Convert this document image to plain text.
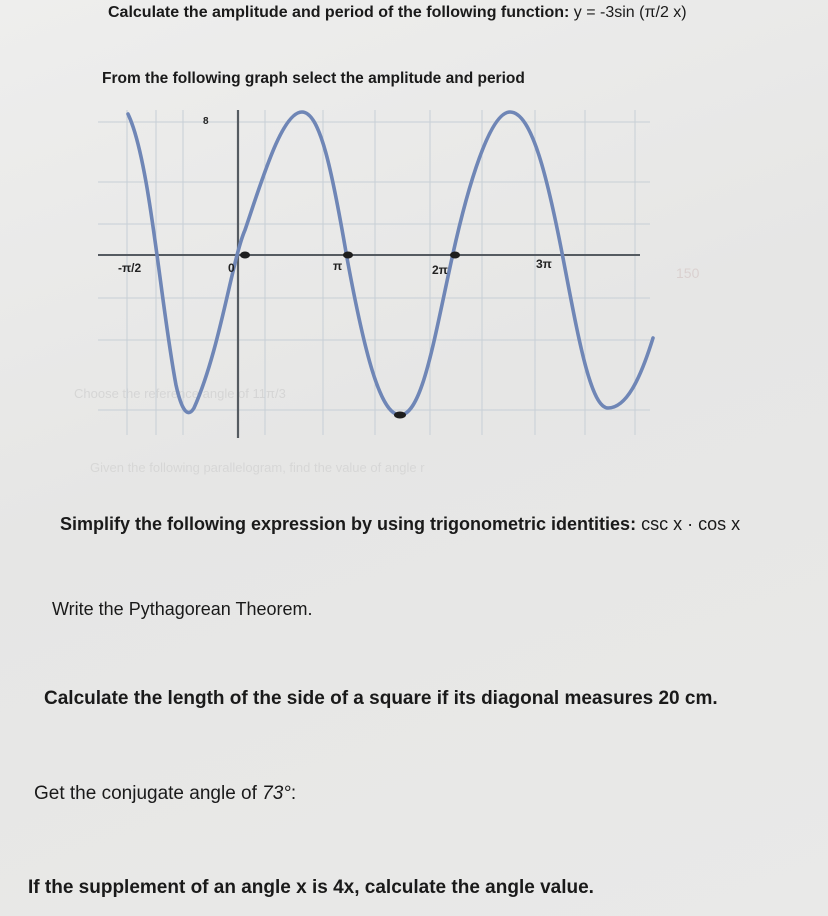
Calculate the amplitude and period of the following function: y = -3sin (π/2 x)

From the following graph select the amplitude and period

Choose the reference angle of 11π/3
150
Given the following parallelogram, find the value of angle r
-π/2	0	π	2π	3π
8

Simplify the following expression by using trigonometric identities: csc x · cos x

Write the Pythagorean Theorem.

Calculate the length of the side of a square if its diagonal measures 20 cm.

Get the conjugate angle of 73°:

If the supplement of an angle x is 4x, calculate the angle value.
